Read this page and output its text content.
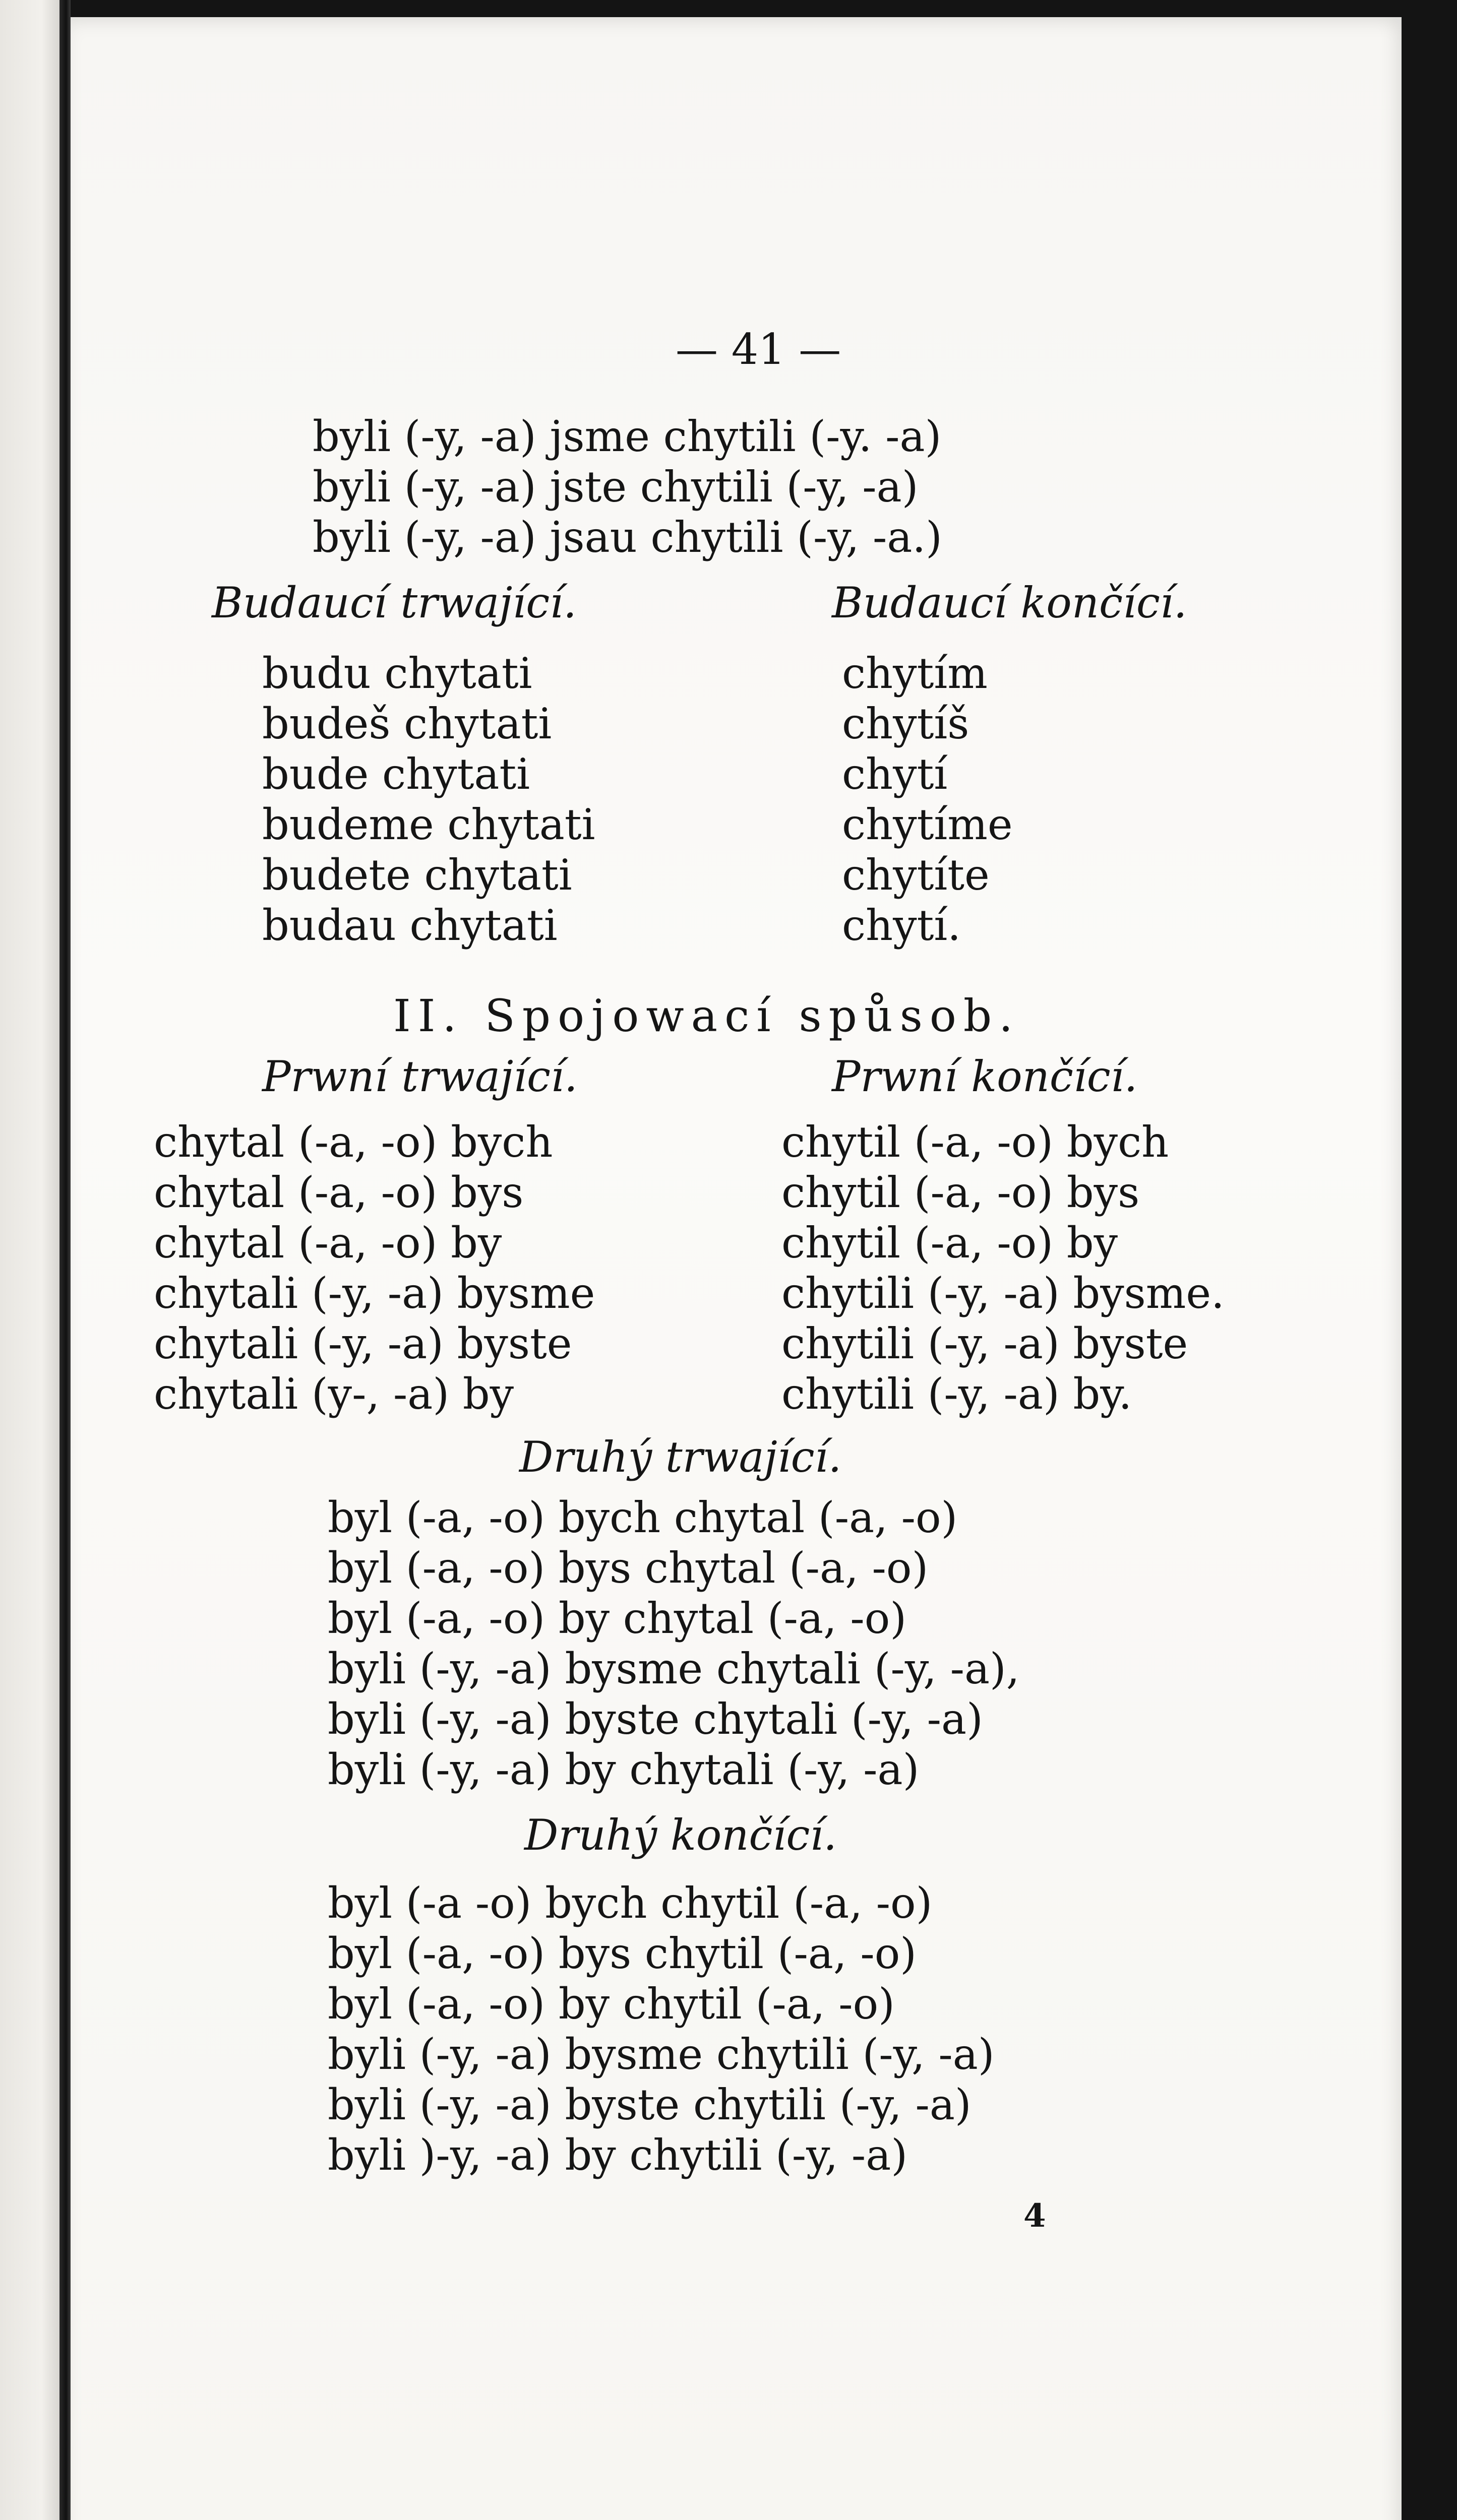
— 41 —
byli (-y, -a) jsme chytili (-y. -a)
byli (-y, -a) jste chytili (-y, -a)
byli (-y, -a) jsau chytili (-y, -a.)
Budaucí trwající.	Budaucí končící.
budu chytati
budeš chytati
bude chytati
budeme chytati
budete chytati
budau chytati
chytím
chytíš
chytí
chytíme
chytíte
chytí.
II. Spojowací spůsob.
Prwní trwající.	Prwní končící.
chytal (-a, -o) bych
chytal (-a, -o) bys
chytal (-a, -o) by
chytali (-y, -a) bysme
chytali (-y, -a) byste
chytali (y-, -a) by
chytil (-a, -o) bych
chytil (-a, -o) bys
chytil (-a, -o) by
chytili (-y, -a) bysme.
chytili (-y, -a) byste
chytili (-y, -a) by.
Druhý trwající.
byl (-a, -o) bych chytal (-a, -o)
byl (-a, -o) bys chytal (-a, -o)
byl (-a, -o) by chytal (-a, -o)
byli (-y, -a) bysme chytali (-y, -a),
byli (-y, -a) byste chytali (-y, -a)
byli (-y, -a) by chytali (-y, -a)
Druhý končící.
byl (-a -o) bych chytil (-a, -o)
byl (-a, -o) bys chytil (-a, -o)
byl (-a, -o) by chytil (-a, -o)
byli (-y, -a) bysme chytili (-y, -a)
byli (-y, -a) byste chytili (-y, -a)
byli )-y, -a) by chytili (-y, -a)
4
